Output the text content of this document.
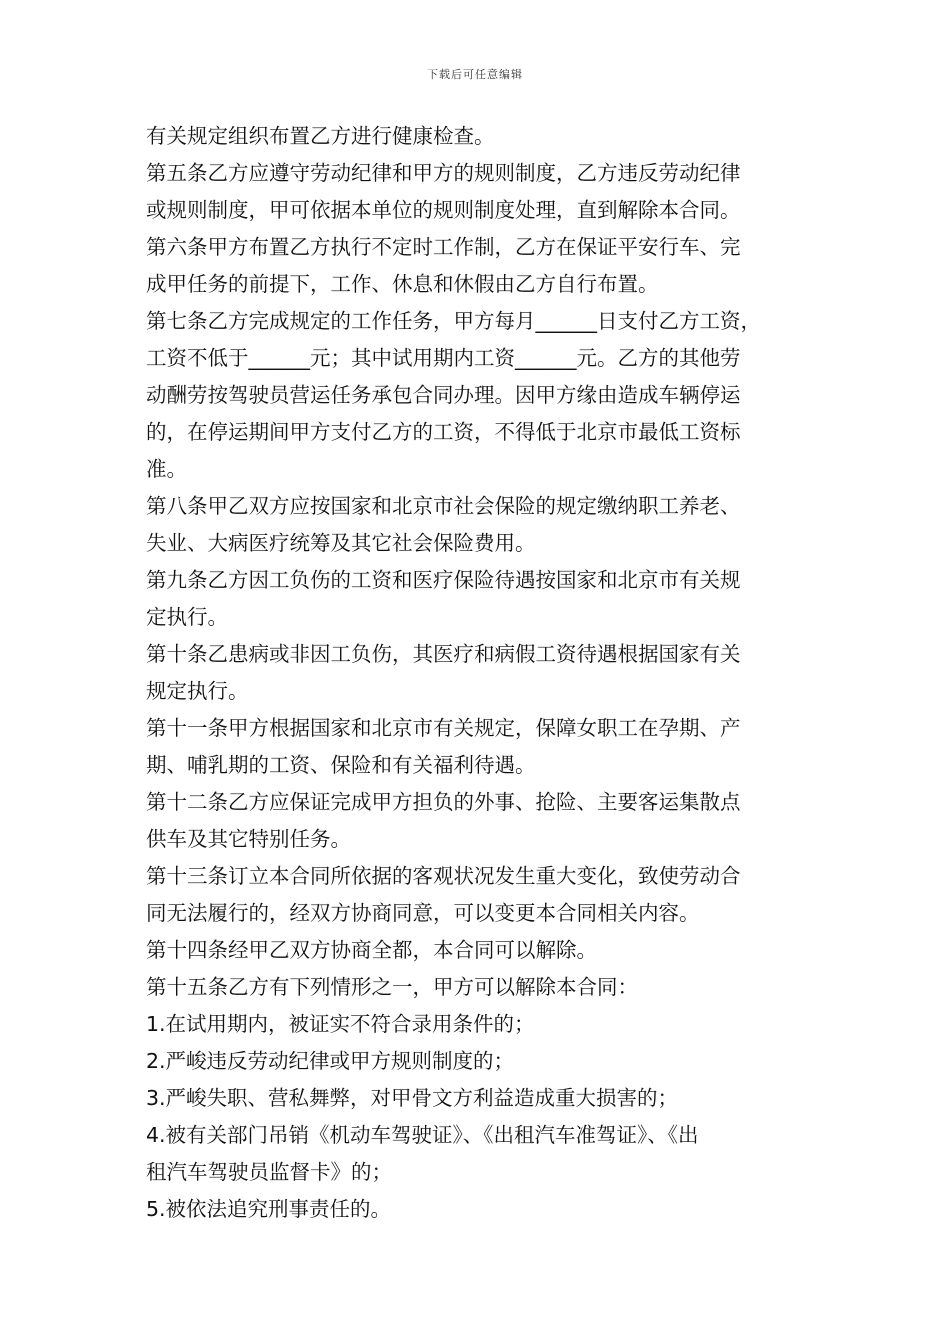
下载后可任意编辑
有关规定组织布置乙方进行健康检查。
第五条乙方应遵守劳动纪律和甲方的规则制度，乙方违反劳动纪律
或规则制度，甲可依据本单位的规则制度处理，直到解除本合同。
第六条甲方布置乙方执行不定时工作制，乙方在保证平安行车、完
成甲任务的前提下，工作、休息和休假由乙方自行布置。
第七条乙方完成规定的工作任务，甲方每月______日支付乙方工资，
工资不低于______元；其中试用期内工资______元。乙方的其他劳
动酬劳按驾驶员营运任务承包合同办理。因甲方缘由造成车辆停运
的，在停运期间甲方支付乙方的工资，不得低于北京市最低工资标
准。
第八条甲乙双方应按国家和北京市社会保险的规定缴纳职工养老、
失业、大病医疗统筹及其它社会保险费用。
第九条乙方因工负伤的工资和医疗保险待遇按国家和北京市有关规
定执行。
第十条乙患病或非因工负伤，其医疗和病假工资待遇根据国家有关
规定执行。
第十一条甲方根据国家和北京市有关规定，保障女职工在孕期、产
期、哺乳期的工资、保险和有关福利待遇。
第十二条乙方应保证完成甲方担负的外事、抢险、主要客运集散点
供车及其它特别任务。
第十三条订立本合同所依据的客观状况发生重大变化，致使劳动合
同无法履行的，经双方协商同意，可以变更本合同相关内容。
第十四条经甲乙双方协商全都，本合同可以解除。
第十五条乙方有下列情形之一，甲方可以解除本合同：
1.在试用期内，被证实不符合录用条件的；
2.严峻违反劳动纪律或甲方规则制度的；
3.严峻失职、营私舞弊，对甲骨文方利益造成重大损害的；
4.被有关部门吊销《机动车驾驶证》、《出租汽车准驾证》、《出
租汽车驾驶员监督卡》的；
5.被依法追究刑事责任的。
